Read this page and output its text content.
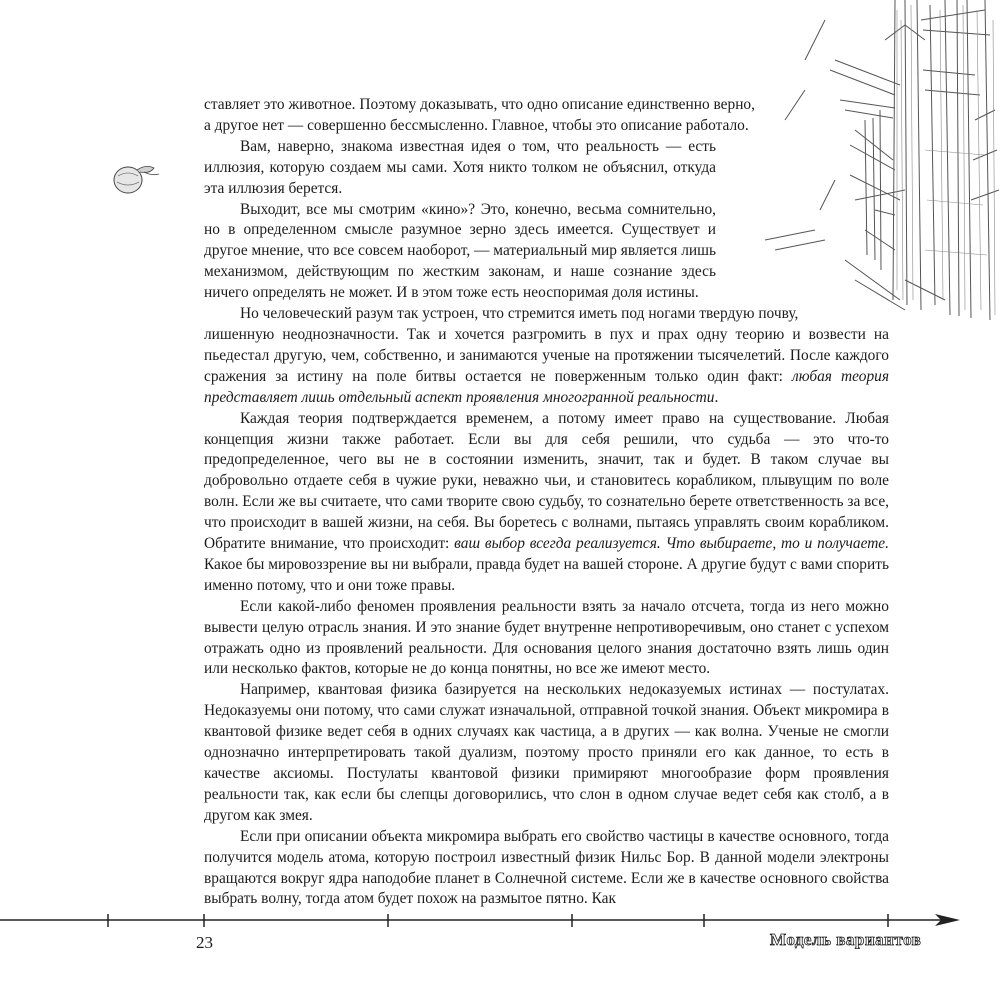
ставляет это животное. Поэтому доказывать, что одно описание единственно верно,

а другое нет — совершенно бессмысленно. Главное, чтобы это описание работало.

Вам, наверно, знакома известная идея о том, что реальность — есть иллюзия, которую создаем мы сами. Хотя никто толком не объяснил, откуда эта иллюзия берется.

Выходит, все мы смотрим «кино»? Это, конечно, весьма сомнительно, но в определенном смысле разумное зерно здесь имеется. Существует и другое мнение, что все совсем наоборот, — материальный мир является лишь механизмом, действующим по жестким законам, и наше сознание здесь ничего определять не может. И в этом тоже есть неоспоримая доля истины.

Но человеческий разум так устроен, что стремится иметь под ногами твердую почву,

лишенную неоднозначности. Так и хочется разгромить в пух и прах одну теорию и возвести на пьедестал другую, чем, собственно, и занимаются ученые на протяжении тысячелетий. После каждого сражения за истину на поле битвы остается не поверженным только один факт: любая теория представляет лишь отдельный аспект проявления многогранной реальности.

Каждая теория подтверждается временем, а потому имеет право на существование. Любая концепция жизни также работает. Если вы для себя решили, что судьба — это что-то предопределенное, чего вы не в состоянии изменить, значит, так и будет. В таком случае вы добровольно отдаете себя в чужие руки, неважно чьи, и становитесь корабликом, плывущим по воле волн. Если же вы считаете, что сами творите свою судьбу, то сознательно берете ответственность за все, что происходит в вашей жизни, на себя. Вы боретесь с волнами, пытаясь управлять своим корабликом. Обратите внимание, что происходит: ваш выбор всегда реализуется. Что выбираете, то и получаете. Какое бы мировоззрение вы ни выбрали, правда будет на вашей стороне. А другие будут с вами спорить именно потому, что и они тоже правы.

Если какой-либо феномен проявления реальности взять за начало отсчета, тогда из него можно вывести целую отрасль знания. И это знание будет внутренне непротиворечивым, оно станет с успехом отражать одно из проявлений реальности. Для основания целого знания достаточно взять лишь один или несколько фактов, которые не до конца понятны, но все же имеют место.

Например, квантовая физика базируется на нескольких недоказуемых истинах — постулатах. Недоказуемы они потому, что сами служат изначальной, отправной точкой знания. Объект микромира в квантовой физике ведет себя в одних случаях как частица, а в других — как волна. Ученые не смогли однозначно интерпретировать такой дуализм, поэтому просто приняли его как данное, то есть в качестве аксиомы. Постулаты квантовой физики примиряют многообразие форм проявления реальности так, как если бы слепцы договорились, что слон в одном случае ведет себя как столб, а в другом как змея.

Если при описании объекта микромира выбрать его свойство частицы в качестве основного, тогда получится модель атома, которую построил известный физик Нильс Бор. В данной модели электроны вращаются вокруг ядра наподобие планет в Солнечной системе. Если же в качестве основного свойства выбрать волну, тогда атом будет похож на размытое пятно. Как

23	Модель вариантов
